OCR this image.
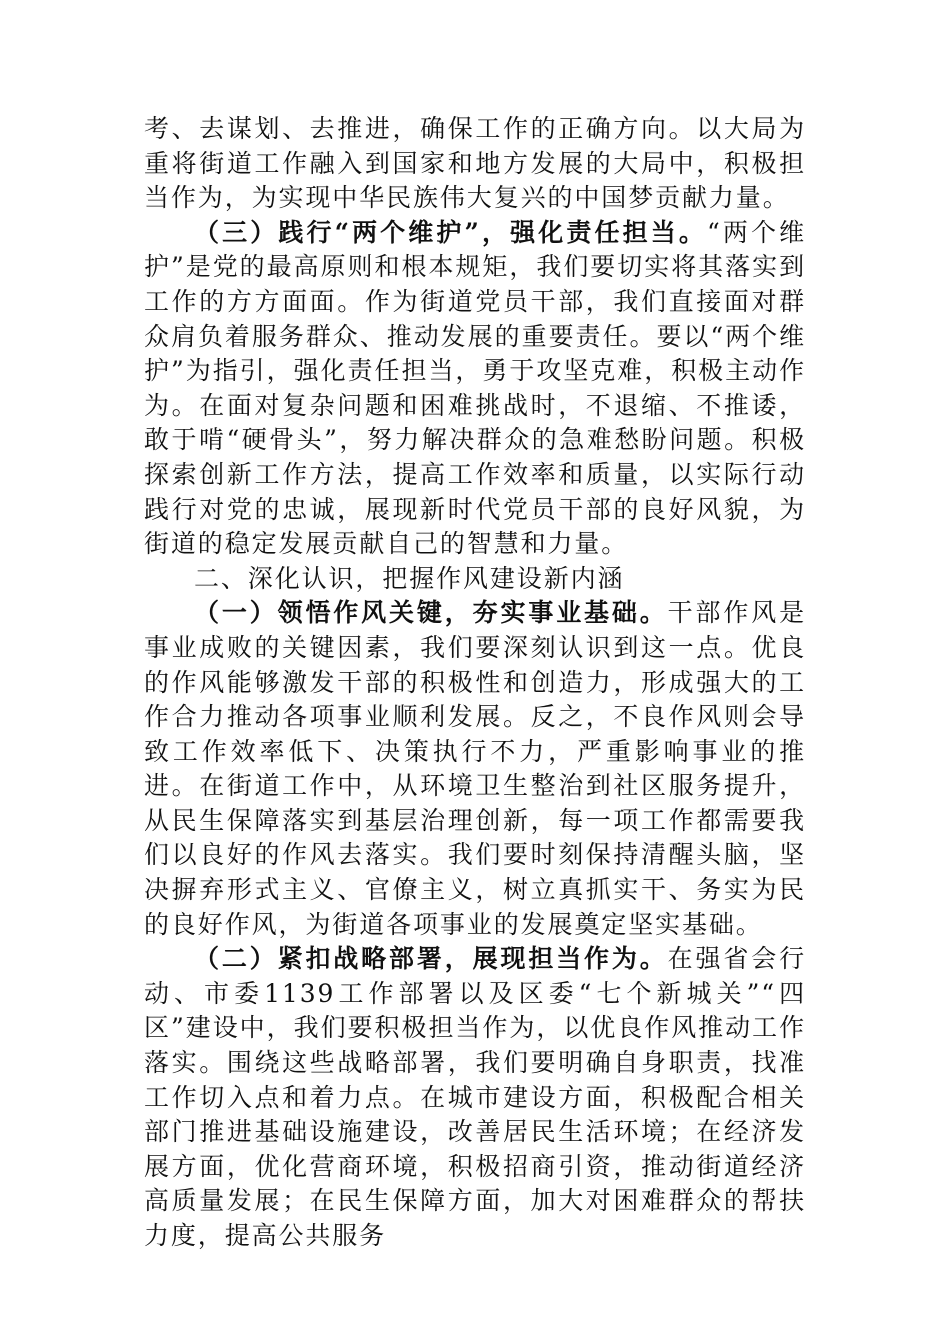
考、去谋划、去推进，确保工作的正确方向。以大局为重将街道工作融入到国家和地方发展的大局中，积极担当作为，为实现中华民族伟大复兴的中国梦贡献力量。

（三）践行“两个维护”，强化责任担当。“两个维护”是党的最高原则和根本规矩，我们要切实将其落实到工作的方方面面。作为街道党员干部，我们直接面对群众肩负着服务群众、推动发展的重要责任。要以“两个维护”为指引，强化责任担当，勇于攻坚克难，积极主动作为。在面对复杂问题和困难挑战时，不退缩、不推诿，敢于啃“硬骨头”，努力解决群众的急难愁盼问题。积极探索创新工作方法，提高工作效率和质量，以实际行动践行对党的忠诚，展现新时代党员干部的良好风貌，为街道的稳定发展贡献自己的智慧和力量。

二、深化认识，把握作风建设新内涵

（一）领悟作风关键，夯实事业基础。干部作风是事业成败的关键因素，我们要深刻认识到这一点。优良的作风能够激发干部的积极性和创造力，形成强大的工作合力推动各项事业顺利发展。反之，不良作风则会导致工作效率低下、决策执行不力，严重影响事业的推进。在街道工作中，从环境卫生整治到社区服务提升，从民生保障落实到基层治理创新，每一项工作都需要我们以良好的作风去落实。我们要时刻保持清醒头脑，坚决摒弃形式主义、官僚主义，树立真抓实干、务实为民的良好作风，为街道各项事业的发展奠定坚实基础。

（二）紧扣战略部署，展现担当作为。在强省会行动、市委1139工作部署以及区委“七个新城关”“四区”建设中，我们要积极担当作为，以优良作风推动工作落实。围绕这些战略部署，我们要明确自身职责，找准工作切入点和着力点。在城市建设方面，积极配合相关部门推进基础设施建设，改善居民生活环境；在经济发展方面，优化营商环境，积极招商引资，推动街道经济高质量发展；在民生保障方面，加大对困难群众的帮扶力度，提高公共服务
